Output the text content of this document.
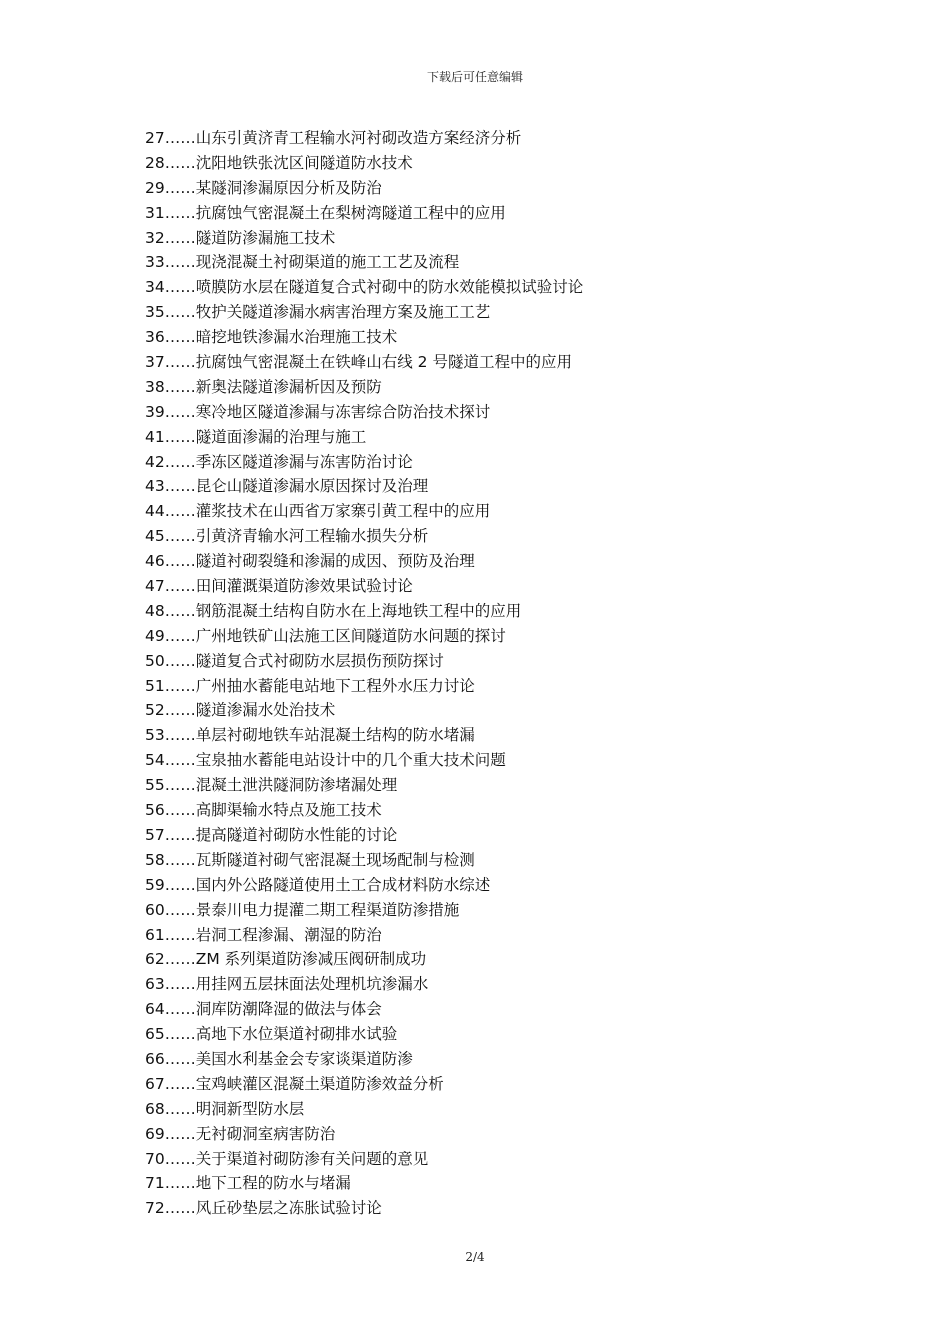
下载后可任意编辑
27……山东引黄济青工程输水河衬砌改造方案经济分析
28……沈阳地铁张沈区间隧道防水技术
29……某隧洞渗漏原因分析及防治
31……抗腐蚀气密混凝土在梨树湾隧道工程中的应用
32……隧道防渗漏施工技术
33……现浇混凝土衬砌渠道的施工工艺及流程
34……喷膜防水层在隧道复合式衬砌中的防水效能模拟试验讨论
35……牧护关隧道渗漏水病害治理方案及施工工艺
36……暗挖地铁渗漏水治理施工技术
37……抗腐蚀气密混凝土在铁峰山右线 2 号隧道工程中的应用
38……新奥法隧道渗漏析因及预防
39……寒冷地区隧道渗漏与冻害综合防治技术探讨
41……隧道面渗漏的治理与施工
42……季冻区隧道渗漏与冻害防治讨论
43……昆仑山隧道渗漏水原因探讨及治理
44……灌浆技术在山西省万家寨引黄工程中的应用
45……引黄济青输水河工程输水损失分析
46……隧道衬砌裂缝和渗漏的成因、预防及治理
47……田间灌溉渠道防渗效果试验讨论
48……钢筋混凝土结构自防水在上海地铁工程中的应用
49……广州地铁矿山法施工区间隧道防水问题的探讨
50……隧道复合式衬砌防水层损伤预防探讨
51……广州抽水蓄能电站地下工程外水压力讨论
52……隧道渗漏水处治技术
53……单层衬砌地铁车站混凝土结构的防水堵漏
54……宝泉抽水蓄能电站设计中的几个重大技术问题
55……混凝土泄洪隧洞防渗堵漏处理
56……高脚渠输水特点及施工技术
57……提高隧道衬砌防水性能的讨论
58……瓦斯隧道衬砌气密混凝土现场配制与检测
59……国内外公路隧道使用土工合成材料防水综述
60……景泰川电力提灌二期工程渠道防渗措施
61……岩洞工程渗漏、潮湿的防治
62……ZM 系列渠道防渗减压阀研制成功
63……用挂网五层抹面法处理机坑渗漏水
64……洞库防潮降湿的做法与体会
65……高地下水位渠道衬砌排水试验
66……美国水利基金会专家谈渠道防渗
67……宝鸡峡灌区混凝土渠道防渗效益分析
68……明洞新型防水层
69……无衬砌洞室病害防治
70……关于渠道衬砌防渗有关问题的意见
71……地下工程的防水与堵漏
72……风丘砂垫层之冻胀试验讨论
2/4
